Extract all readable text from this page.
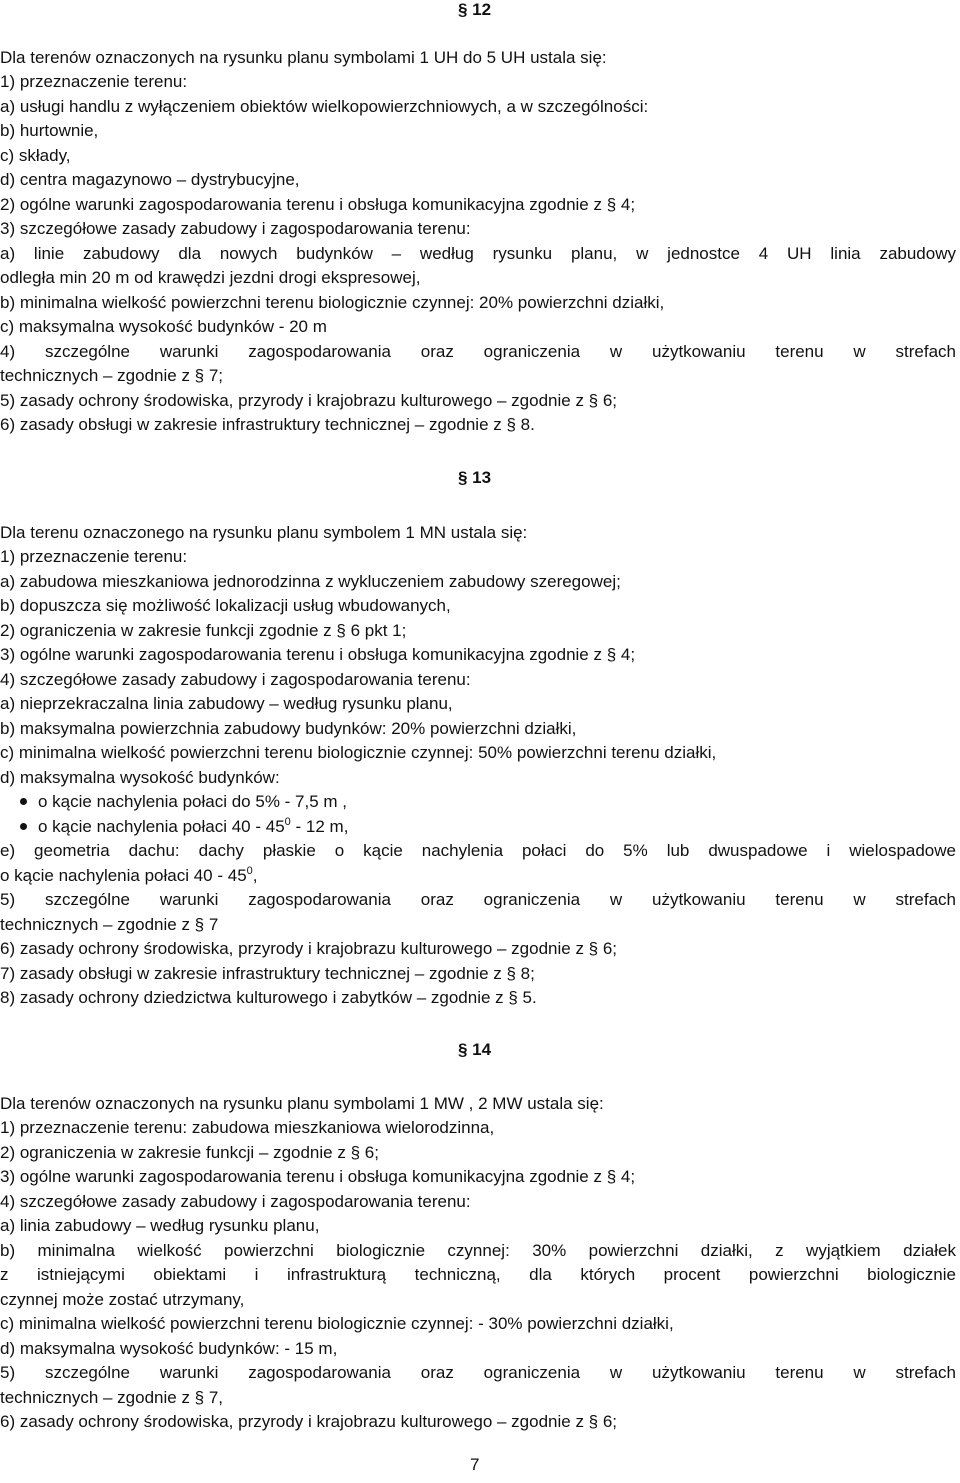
§ 12
Dla terenów oznaczonych na rysunku planu symbolami 1 UH do 5 UH ustala się:
1) przeznaczenie terenu:
a) usługi handlu z wyłączeniem obiektów wielkopowierzchniowych, a w szczególności:
b) hurtownie,
c) składy,
d) centra magazynowo – dystrybucyjne,
2) ogólne warunki zagospodarowania terenu i obsługa komunikacyjna zgodnie z § 4;
3) szczegółowe zasady zabudowy i zagospodarowania terenu:
a) linie zabudowy dla nowych budynków – według rysunku planu, w jednostce 4 UH linia zabudowy
odległa min 20 m od krawędzi jezdni drogi ekspresowej,
b) minimalna wielkość powierzchni terenu biologicznie czynnej: 20% powierzchni działki,
c) maksymalna wysokość budynków - 20 m
4) szczególne warunki zagospodarowania oraz ograniczenia w użytkowaniu terenu w strefach
technicznych – zgodnie z § 7;
5) zasady ochrony środowiska, przyrody i krajobrazu kulturowego – zgodnie z § 6;
6) zasady obsługi w zakresie infrastruktury technicznej – zgodnie z § 8.
§ 13
Dla terenu oznaczonego na rysunku planu symbolem 1 MN ustala się:
1) przeznaczenie terenu:
a) zabudowa mieszkaniowa jednorodzinna z wykluczeniem zabudowy szeregowej;
b) dopuszcza się możliwość lokalizacji usług wbudowanych,
2) ograniczenia w zakresie funkcji zgodnie z § 6 pkt 1;
3) ogólne warunki zagospodarowania terenu i obsługa komunikacyjna zgodnie z § 4;
4) szczegółowe zasady zabudowy i zagospodarowania terenu:
a) nieprzekraczalna linia zabudowy – według rysunku planu,
b) maksymalna powierzchnia zabudowy budynków: 20% powierzchni działki,
c) minimalna wielkość powierzchni terenu biologicznie czynnej: 50% powierzchni terenu działki,
d) maksymalna wysokość budynków:
o kącie nachylenia połaci do 5% - 7,5 m ,
o kącie nachylenia połaci $40 - 45^0 - 12$ m,
e) geometria dachu: dachy płaskie o kącie nachylenia połaci do 5% lub dwuspadowe i wielospadowe
o kącie nachylenia połaci $40 - 45^0$,
5) szczególne warunki zagospodarowania oraz ograniczenia w użytkowaniu terenu w strefach
technicznych – zgodnie z § 7
6) zasady ochrony środowiska, przyrody i krajobrazu kulturowego – zgodnie z § 6;
7) zasady obsługi w zakresie infrastruktury technicznej – zgodnie z § 8;
8) zasady ochrony dziedzictwa kulturowego i zabytków – zgodnie z § 5.
§ 14
Dla terenów oznaczonych na rysunku planu symbolami 1 MW , 2 MW ustala się:
1) przeznaczenie terenu: zabudowa mieszkaniowa wielorodzinna,
2) ograniczenia w zakresie funkcji – zgodnie z § 6;
3) ogólne warunki zagospodarowania terenu i obsługa komunikacyjna zgodnie z § 4;
4) szczegółowe zasady zabudowy i zagospodarowania terenu:
a) linia zabudowy – według rysunku planu,
b) minimalna wielkość powierzchni biologicznie czynnej: 30% powierzchni działki, z wyjątkiem działek
z istniejącymi obiektami i infrastrukturą techniczną, dla których procent powierzchni biologicznie
czynnej może zostać utrzymany,
c) minimalna wielkość powierzchni terenu biologicznie czynnej: - 30% powierzchni działki,
d) maksymalna wysokość budynków: - 15 m,
5) szczególne warunki zagospodarowania oraz ograniczenia w użytkowaniu terenu w strefach
technicznych – zgodnie z § 7,
6) zasady ochrony środowiska, przyrody i krajobrazu kulturowego – zgodnie z § 6;
7
